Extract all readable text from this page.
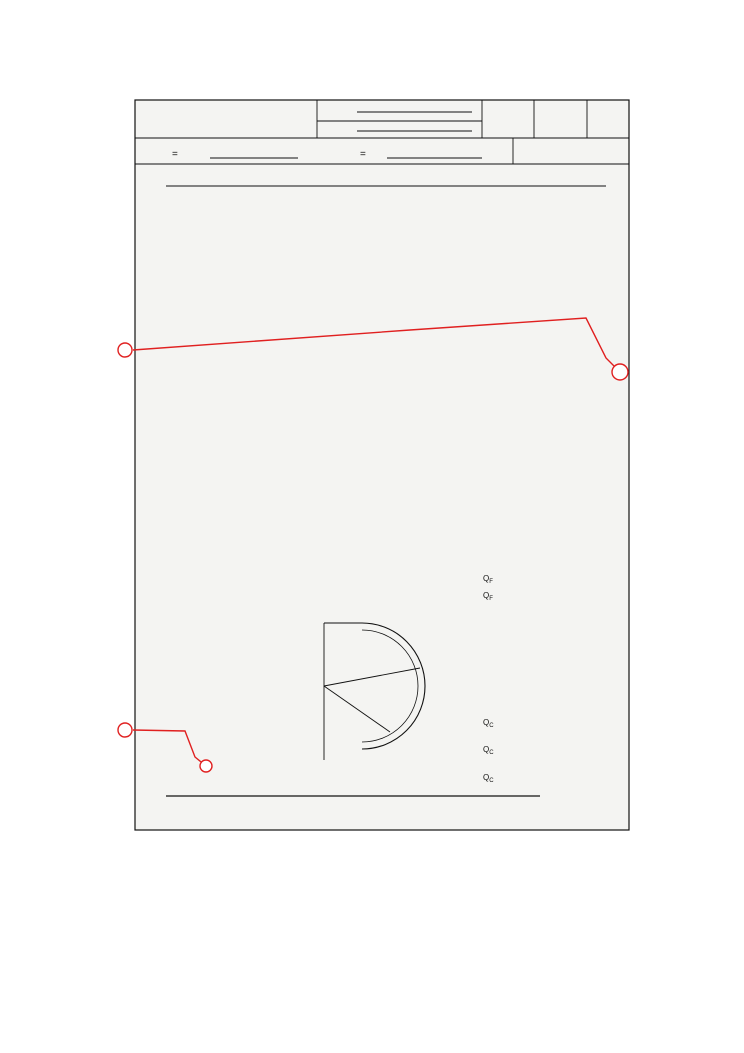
=	=
$Q_F$
$Q_F$
$Q_C$
$Q_C$
$Q_C$
